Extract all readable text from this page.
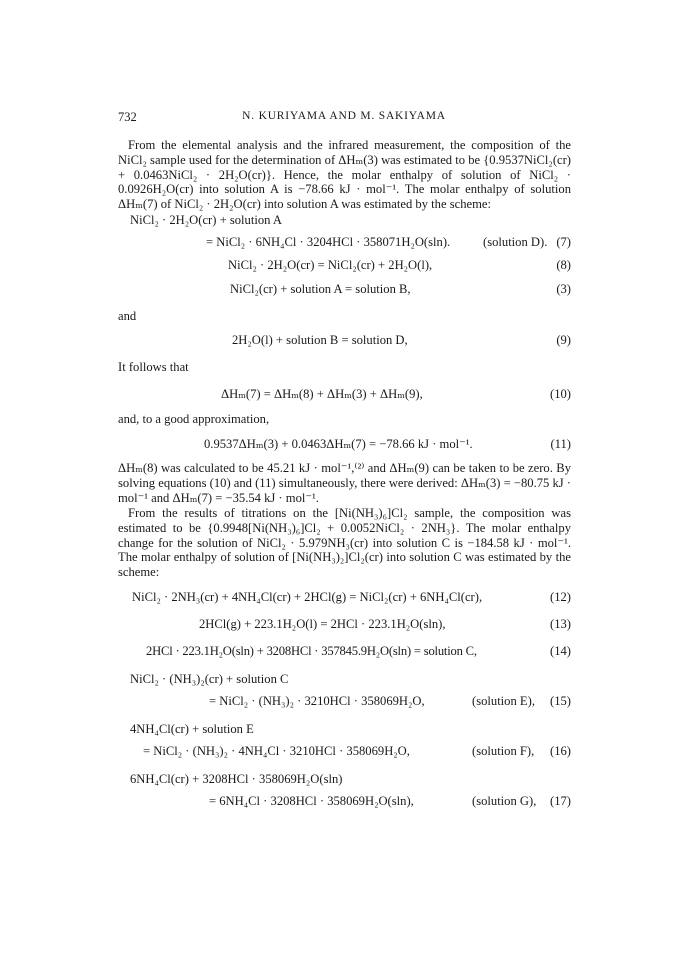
732	N. KURIYAMA AND M. SAKIYAMA

From the elemental analysis and the infrared measurement, the composition of the NiCl₂ sample used for the determination of ΔHₘ(3) was estimated to be {0.9537NiCl₂(cr) + 0.0463NiCl₂ · 2H₂O(cr)}. Hence, the molar enthalpy of solution of NiCl₂ · 0.0926H₂O(cr) into solution A is −78.66 kJ · mol⁻¹. The molar enthalpy of solution ΔHₘ(7) of NiCl₂ · 2H₂O(cr) into solution A was estimated by the scheme:

NiCl₂ · 2H₂O(cr) + solution A
= NiCl₂ · 6NH₄Cl · 3204HCl · 358071H₂O(sln).	(solution D). (7)
NiCl₂ · 2H₂O(cr) = NiCl₂(cr) + 2H₂O(l),	(8)
NiCl₂(cr) + solution A = solution B,	(3)
and
2H₂O(l) + solution B = solution D,	(9)
It follows that
ΔHₘ(7) = ΔHₘ(8) + ΔHₘ(3) + ΔHₘ(9),	(10)
and, to a good approximation,
0.9537ΔHₘ(3) + 0.0463ΔHₘ(7) = −78.66 kJ · mol⁻¹.	(11)

ΔHₘ(8) was calculated to be 45.21 kJ · mol⁻¹,⁽²⁾ and ΔHₘ(9) can be taken to be zero. By solving equations (10) and (11) simultaneously, there were derived: ΔHₘ(3) = −80.75 kJ · mol⁻¹ and ΔHₘ(7) = −35.54 kJ · mol⁻¹.

From the results of titrations on the [Ni(NH₃)₆]Cl₂ sample, the composition was estimated to be {0.9948[Ni(NH₃)₆]Cl₂ + 0.0052NiCl₂ · 2NH₃}. The molar enthalpy change for the solution of NiCl₂ · 5.979NH₃(cr) into solution C is −184.58 kJ · mol⁻¹. The molar enthalpy of solution of [Ni(NH₃)₂]Cl₂(cr) into solution C was estimated by the scheme:

NiCl₂ · 2NH₃(cr) + 4NH₄Cl(cr) + 2HCl(g) = NiCl₂(cr) + 6NH₄Cl(cr),	(12)
2HCl(g) + 223.1H₂O(l) = 2HCl · 223.1H₂O(sln),	(13)
2HCl · 223.1H₂O(sln) + 3208HCl · 357845.9H₂O(sln) = solution C,	(14)
NiCl₂ · (NH₃)₂(cr) + solution C
= NiCl₂ · (NH₃)₂ · 3210HCl · 358069H₂O,	(solution E), (15)
4NH₄Cl(cr) + solution E
= NiCl₂ · (NH₃)₂ · 4NH₄Cl · 3210HCl · 358069H₂O,	(solution F), (16)
6NH₄Cl(cr) + 3208HCl · 358069H₂O(sln)
= 6NH₄Cl · 3208HCl · 358069H₂O(sln),	(solution G), (17)
